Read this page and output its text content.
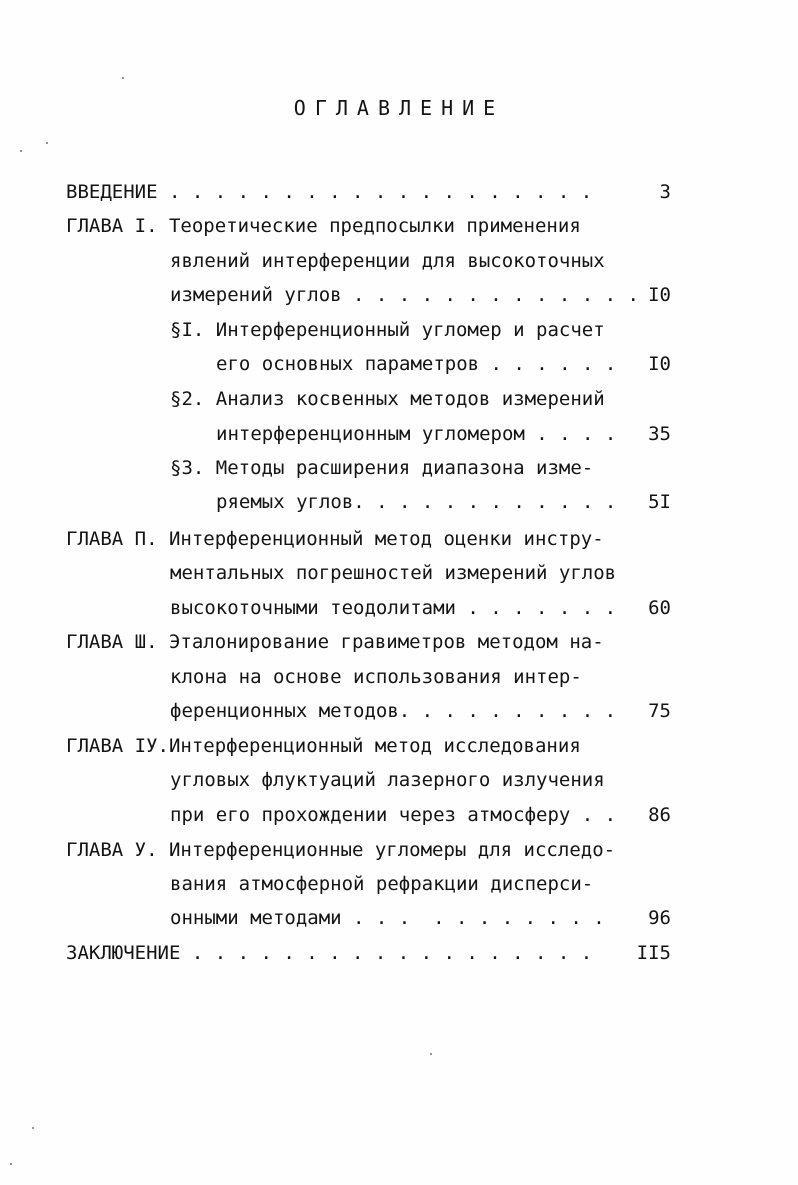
ОГЛАВЛЕНИЕ
ВВЕДЕНИЕ . . . . . . . . . . . . . . . . . . .	3
ГЛАВА I. Теоретические предпосылки применения
явлений интерференции для высокоточных
измерений углов . . . . . . . . . . . . . I0
§I. Интерференционный угломер и расчет
его основных параметров . . . . . . I0
§2. Анализ косвенных методов измерений
интерференционным угломером . . . . 35
§3. Методы расширения диапазона изме-
ряемых углов. . . . . . . . . . . . 5I
ГЛАВА П. Интерференционный метод оценки инстру-
ментальных погрешностей измерений углов
высокоточными теодолитами . . . . . . . 60
ГЛАВА Ш. Эталонирование гравиметров методом на-
клона на основе использования интер-
ференционных методов. . . . . . . . . . 75
ГЛАВА IУ.Интерференционный метод исследования
угловых флуктуаций лазерного излучения
при его прохождении через атмосферу . . 86
ГЛАВА У. Интерференционные угломеры для исследо-
вания атмосферной рефракции дисперси-
онными методами . . .  . . . . . . . . 96
ЗАКЛЮЧЕНИЕ . . . . . . . . . . . . . . . . . . II5
